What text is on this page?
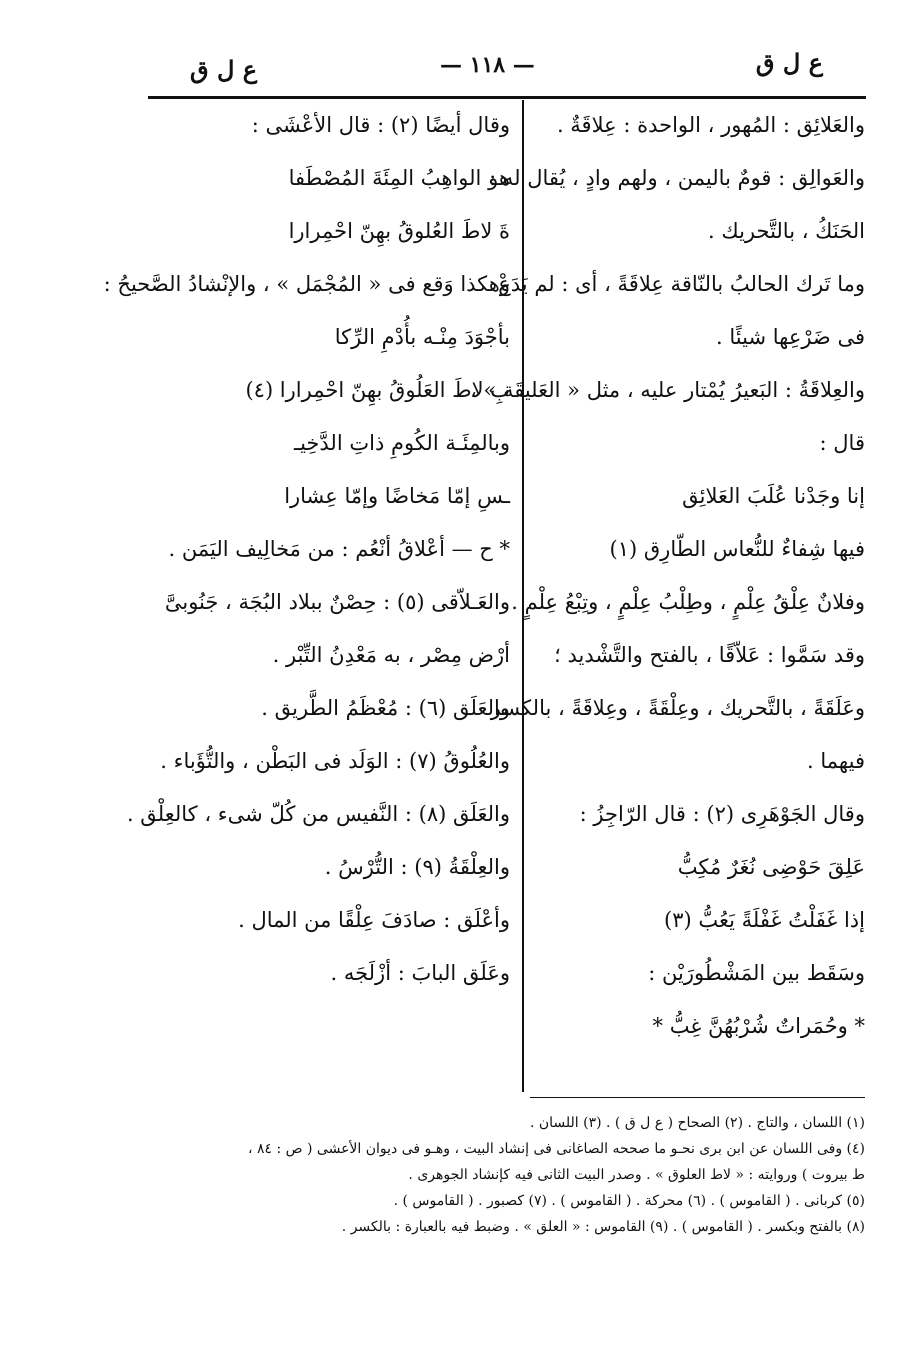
ع ل ق
— ١١٨ —
ع ل ق
والعَلائِق : المُهور ، الواحدة : عِلاقَةٌ .
والعَوالِق : قومٌ باليمن ، ولهم وادٍ ، يُقال له :
الحَنَكُ ، بالتَّحريك .
وما تَرك الحالبُ بالنّاقة عِلاقَةً ، أى : لم يَدَعْ
فى ضَرْعِها شيئًا .
والعِلاقَةُ : البَعيرُ يُمْتار عليه ، مثل « العَليقَة » ،
قال :
إنا وجَدْنا عُلَبَ العَلائِق
فيها شِفاءٌ للنُّعاس الطّارِق (١)
وفلانٌ عِلْقُ عِلْمٍ ، وطِلْبُ عِلْمٍ ، وتِبْعُ عِلْمٍ .
وقد سَمَّوا : عَلاّقًا ، بالفتح والتَّشْديد ؛
وعَلَقَةً ، بالتَّحريك ، وعِلْقَةً ، وعِلاقَةً ، بالكسر
فيهما .
وقال الجَوْهَرِى (٢) : قال الرّاجِزُ :
عَلِقَ حَوْضِى نُغَرٌ مُكِبُّ
إذا غَفَلْتُ غَفْلَةً يَعُبُّ (٣)
وسَقَط بين المَشْطُورَيْن :
* وحُمَراتٌ شُرْبُهُنَّ غِبُّ *
وقال أيضًا (٢) : قال الأعْشَى :
هو الواهِبُ المِئَةَ المُصْطَفا
ةَ لاطَ العُلوقُ بهِنّ احْمِرارا
وهكذا وَقع فى « المُجْمَل » ، والإنْشادُ الصَّحيحُ :
بأجْوَدَ مِنْـه بأُدْمِ الرِّكا
بِ لاطَ العَلُوقُ بهِنّ احْمِرارا (٤)
وبالمِئَـة الكُومِ ذاتِ الدَّخِيـ
ـسِ إمّا مَخاضًا وإمّا عِشارا
* ح — أعْلاقُ أنْعُم : من مَخالِيف اليَمَن .
والعَـلاّقى (٥) : حِصْنٌ ببلاد البُجَة ، جَنُوبىَّ
أرْض مِصْر ، به مَعْدِنُ التِّبْر .
والعَلَق (٦) : مُعْظَمُ الطَّريق .
والعُلُوقُ (٧) : الوَلَد فى البَطْن ، والتُّؤَباء .
والعَلَق (٨) : النَّفيس من كُلّ شىء ، كالعِلْق .
والعِلْقَةُ (٩) : التُّرْسُ .
وأعْلَق : صادَفَ عِلْقًا من المال .
وعَلَق البابَ : أزْلَجَه .
(١) اللسان ، والتاج . (٢) الصحاح ( ع ل ق ) . (٣) اللسان .
(٤) وفى اللسان عن ابن برى نحـو ما صححه الصاغانى فى إنشاد البيت ، وهـو فى ديوان الأعشى ( ص : ٨٤ ،
ط بيروت ) وروايته : « لاط العلوق » . وصدر البيت الثانى فيه كإنشاد الجوهرى .
(٥) كربانى . ( القاموس ) . (٦) محركة . ( القاموس ) . (٧) كصبور . ( القاموس ) .
(٨) بالفتح وبكسر . ( القاموس ) . (٩) القاموس : « العلق » . وضبط فيه بالعبارة : بالكسر .
